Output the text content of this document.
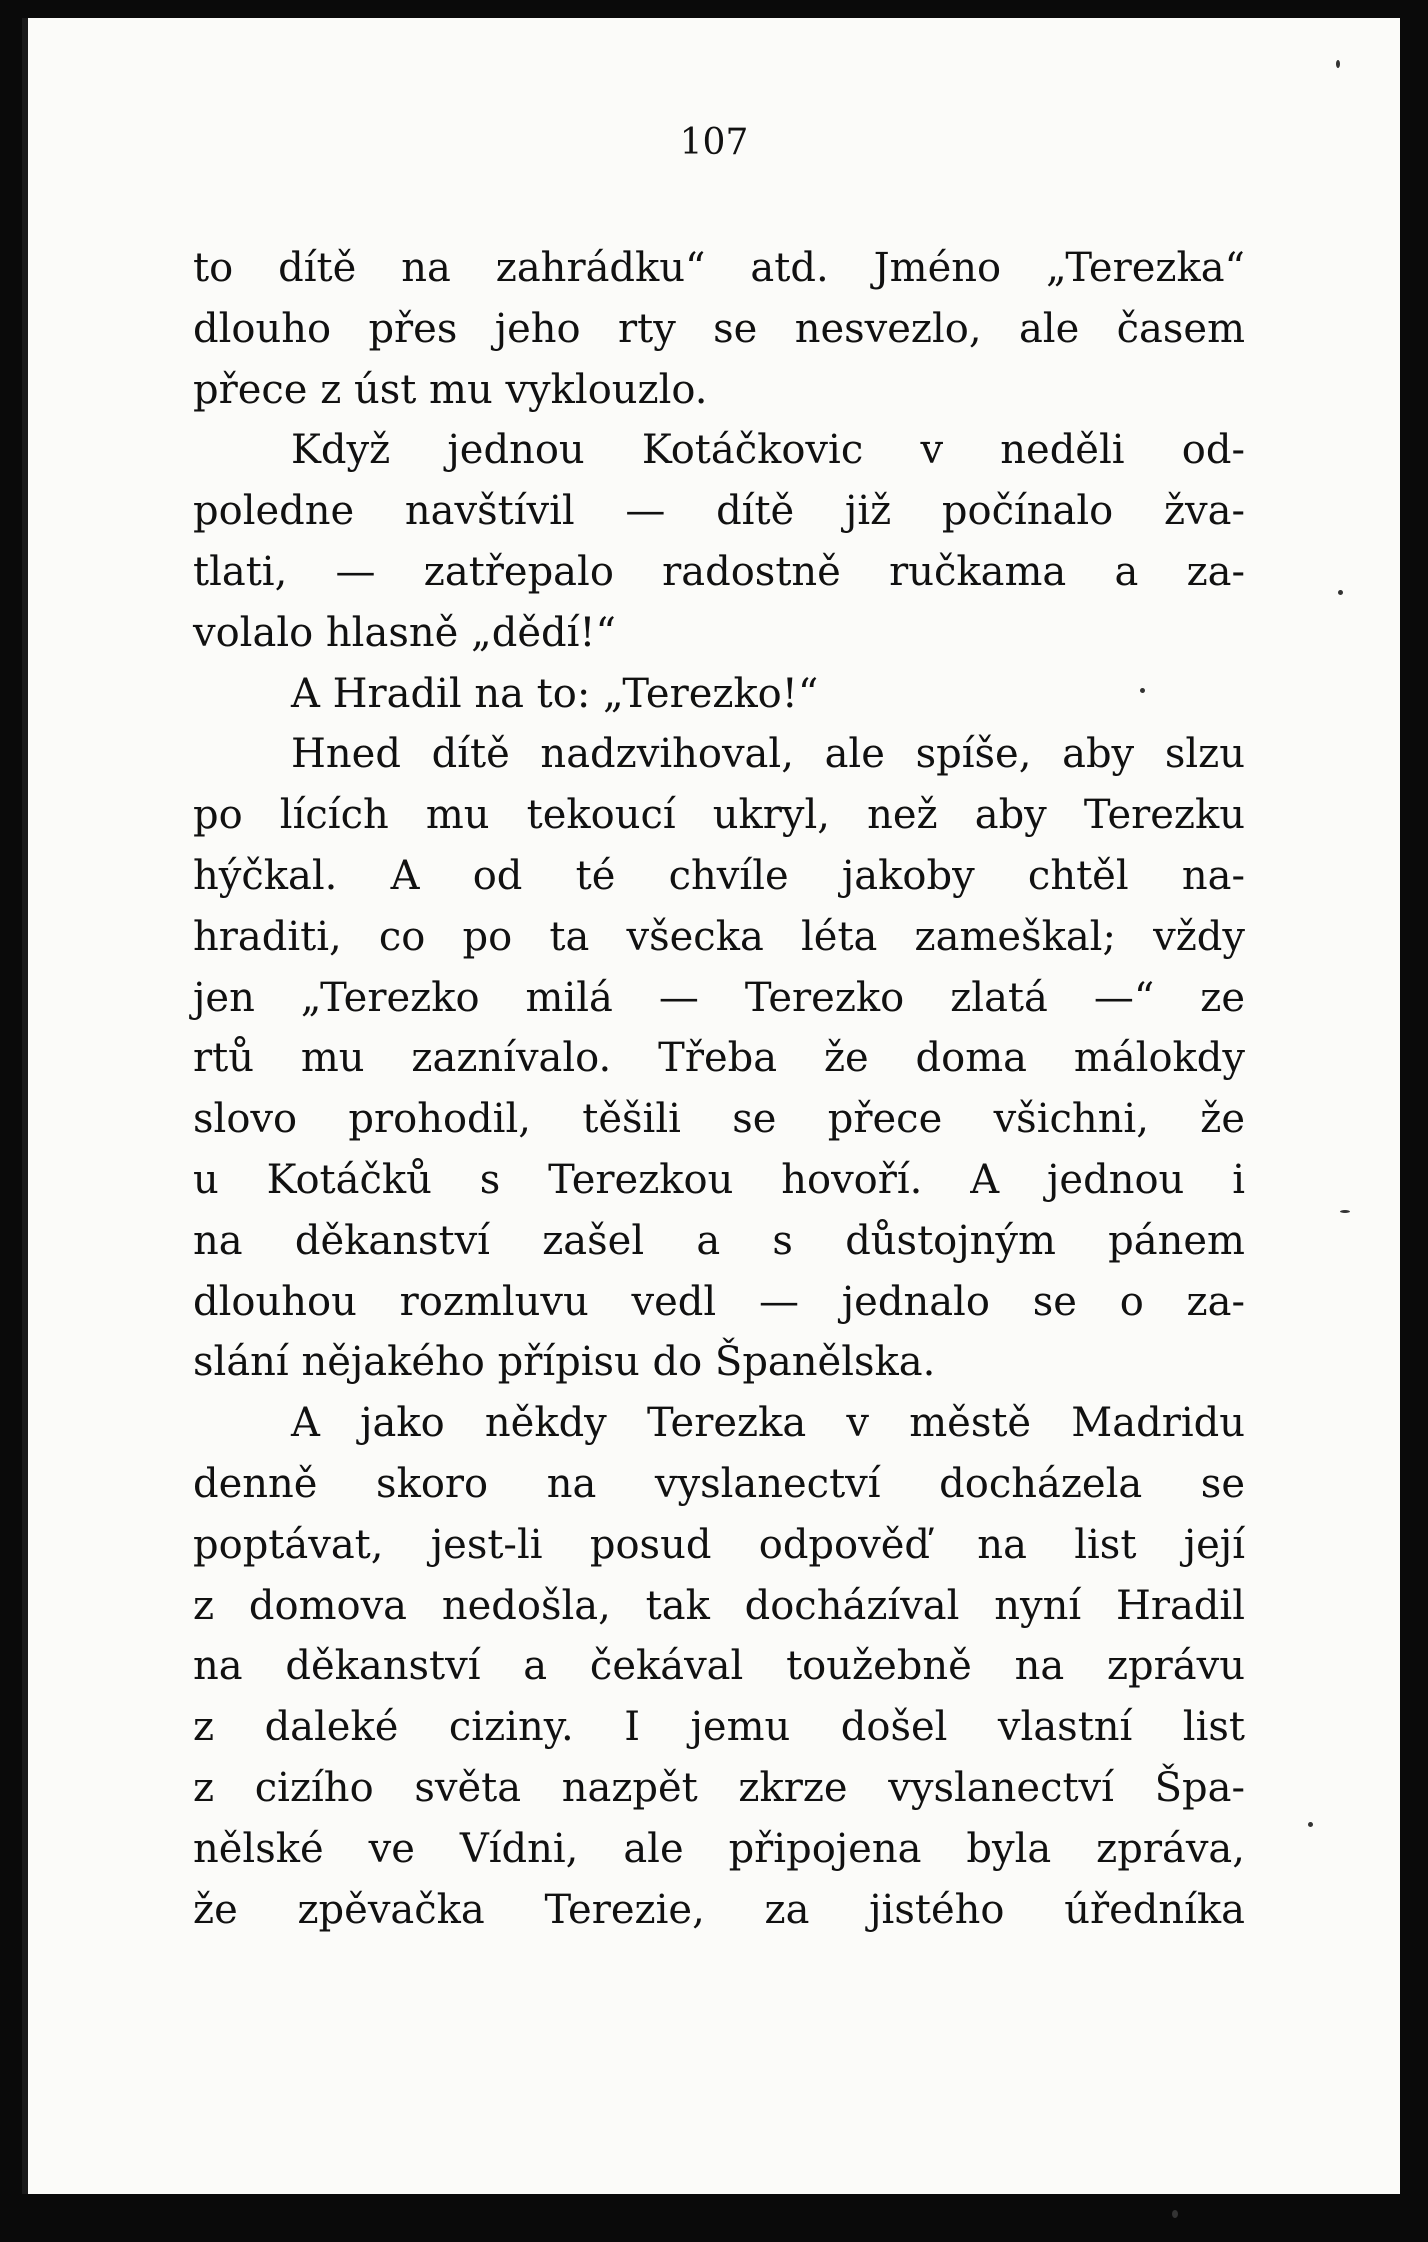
107
to dítě na zahrádku“ atd. Jméno „Terezka“
dlouho přes jeho rty se nesvezlo, ale časem
přece z úst mu vyklouzlo.
Když jednou Kotáčkovic v neděli od-
poledne navštívil — dítě již počínalo žva-
tlati, — zatřepalo radostně ručkama a za-
volalo hlasně „dědí!“
A Hradil na to: „Terezko!“
Hned dítě nadzvihoval, ale spíše, aby slzu
po lících mu tekoucí ukryl, než aby Terezku
hýčkal. A od té chvíle jakoby chtěl na-
hraditi, co po ta všecka léta zameškal; vždy
jen „Terezko milá — Terezko zlatá —“ ze
rtů mu zaznívalo. Třeba že doma málokdy
slovo prohodil, těšili se přece všichni, že
u Kotáčků s Terezkou hovoří. A jednou i
na děkanství zašel a s důstojným pánem
dlouhou rozmluvu vedl — jednalo se o za-
slání nějakého přípisu do Španělska.
A jako někdy Terezka v městě Madridu
denně skoro na vyslanectví docházela se
poptávat, jest-li posud odpověď na list její
z domova nedošla, tak docházíval nyní Hradil
na děkanství a čekával toužebně na zprávu
z daleké ciziny. I jemu došel vlastní list
z cizího světa nazpět zkrze vyslanectví Špa-
nělské ve Vídni, ale připojena byla zpráva,
že zpěvačka Terezie, za jistého úředníka
